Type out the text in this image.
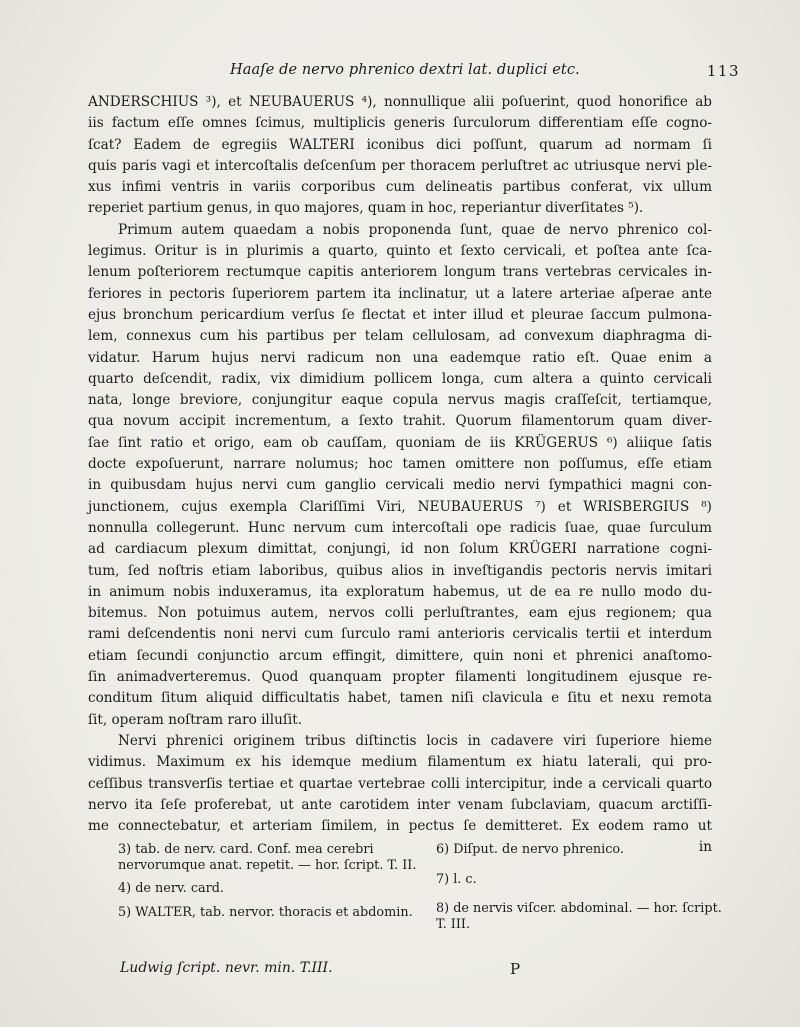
Haaſe de nervo phrenico dextri lat. duplici etc.	113
ANDERSCHIUS ³), et NEUBAUERUS ⁴), nonnullique alii poſuerint, quod honorifice ab
iis factum eſſe omnes ſcimus, multiplicis generis ſurculorum differentiam eſſe cogno-
ſcat? Eadem de egregiis WALTERI iconibus dici poſſunt, quarum ad normam ſi
quis paris vagi et intercoſtalis deſcenſum per thoracem perluſtret ac utriusque nervi ple-
xus infimi ventris in variis corporibus cum delineatis partibus conferat, vix ullum
reperiet partium genus, in quo majores, quam in hoc, reperiantur diverſitates ⁵).
Primum autem quaedam a nobis proponenda ſunt, quae de nervo phrenico col-
legimus. Oritur is in plurimis a quarto, quinto et ſexto cervicali, et poſtea ante ſca-
lenum poſteriorem rectumque capitis anteriorem longum trans vertebras cervicales in-
feriores in pectoris ſuperiorem partem ita inclinatur, ut a latere arteriae aſperae ante
ejus bronchum pericardium verſus ſe flectat et inter illud et pleurae ſaccum pulmona-
lem, connexus cum his partibus per telam cellulosam, ad convexum diaphragma di-
vidatur. Harum hujus nervi radicum non una eademque ratio eſt. Quae enim a
quarto deſcendit, radix, vix dimidium pollicem longa, cum altera a quinto cervicali
nata, longe breviore, conjungitur eaque copula nervus magis craſſeſcit, tertiamque,
qua novum accipit incrementum, a ſexto trahit. Quorum filamentorum quam diver-
ſae ſint ratio et origo, eam ob cauſſam, quoniam de iis KRÜGERUS ⁶) aliique ſatis
docte expoſuerunt, narrare nolumus; hoc tamen omittere non poſſumus, eſſe etiam
in quibusdam hujus nervi cum ganglio cervicali medio nervi ſympathici magni con-
junctionem, cujus exempla Clariſſimi Viri, NEUBAUERUS ⁷) et WRISBERGIUS ⁸)
nonnulla collegerunt. Hunc nervum cum intercoſtali ope radicis ſuae, quae ſurculum
ad cardiacum plexum dimittat, conjungi, id non ſolum KRÜGERI narratione cogni-
tum, ſed noſtris etiam laboribus, quibus alios in inveſtigandis pectoris nervis imitari
in animum nobis induxeramus, ita exploratum habemus, ut de ea re nullo modo du-
bitemus. Non potuimus autem, nervos colli perluſtrantes, eam ejus regionem; qua
rami deſcendentis noni nervi cum ſurculo rami anterioris cervicalis tertii et interdum
etiam ſecundi conjunctio arcum effingit, dimittere, quin noni et phrenici anaſtomo-
ſin animadverteremus. Quod quanquam propter filamenti longitudinem ejusque re-
conditum ſitum aliquid difficultatis habet, tamen niſi clavicula e ſitu et nexu remota
ſit, operam noſtram raro illuſit.
Nervi phrenici originem tribus diſtinctis locis in cadavere viri ſuperiore hieme
vidimus. Maximum ex his idemque medium filamentum ex hiatu laterali, qui pro-
ceſſibus transverſis tertiae et quartae vertebrae colli intercipitur, inde a cervicali quarto
nervo ita ſeſe proferebat, ut ante carotidem inter venam ſubclaviam, quacum arctiſſi-
me connectebatur, et arteriam ſimilem, in pectus ſe demitteret. Ex eodem ramo ut
in
3) tab. de nerv. card. Conf. mea cerebri nervorumque anat. repetit. — hor. ſcript. T. II.
4) de nerv. card.
5) WALTER, tab. nervor. thoracis et abdomin.
6) Diſput. de nervo phrenico.
7) l. c.
8) de nervis viſcer. abdominal. — hor. ſcript. T. III.
Ludwig ſcript. nevr. min. T.III.	P
